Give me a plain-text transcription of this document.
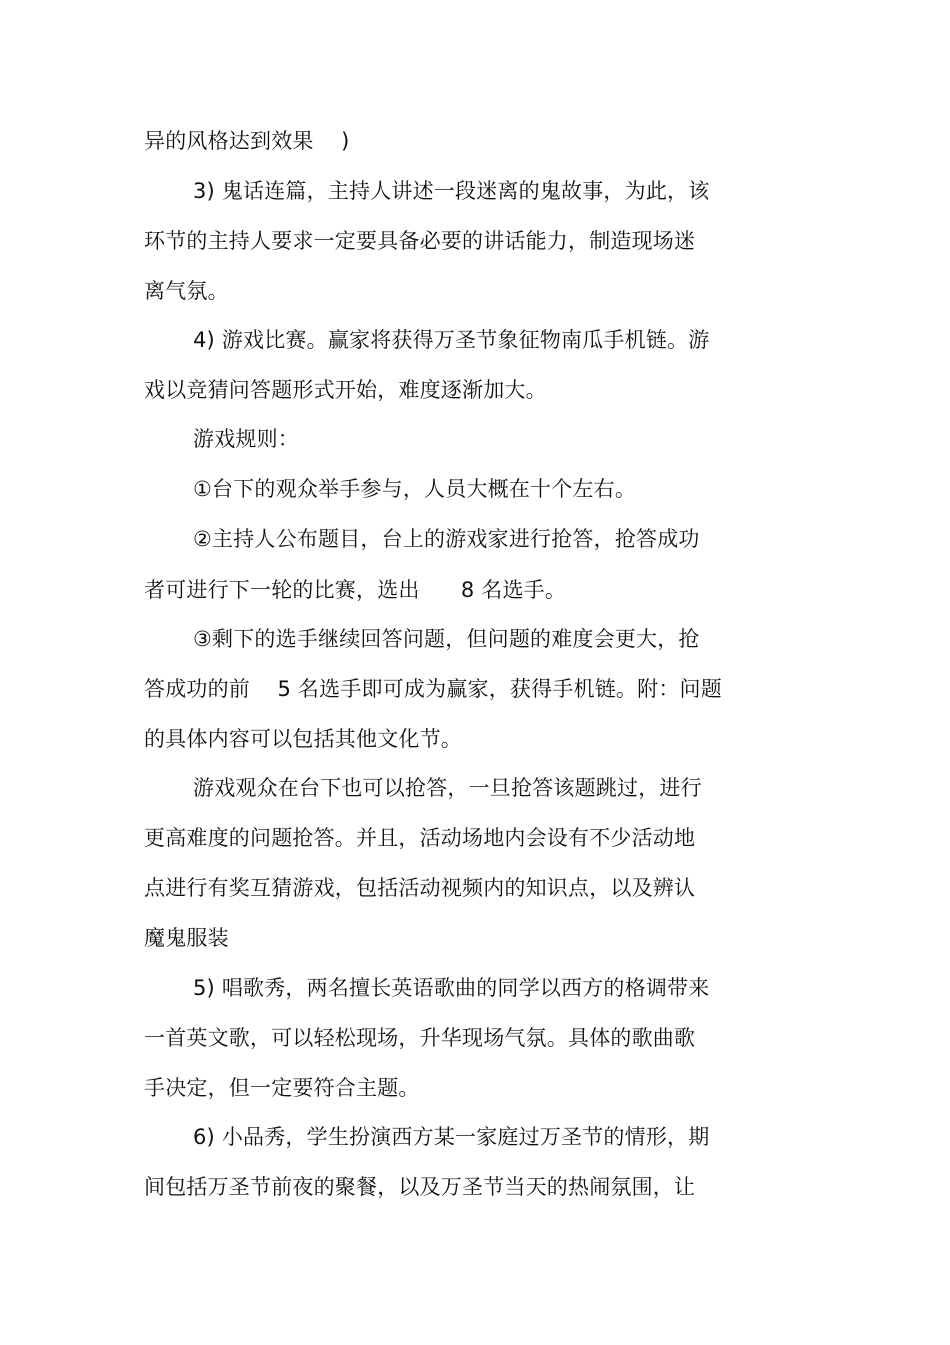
异的风格达到效果    )
3) 鬼话连篇，主持人讲述一段迷离的鬼故事，为此，该
环节的主持人要求一定要具备必要的讲话能力，制造现场迷
离气氛。
4) 游戏比赛。赢家将获得万圣节象征物南瓜手机链。游
戏以竞猜问答题形式开始，难度逐渐加大。
游戏规则：
①台下的观众举手参与，人员大概在十个左右。
②主持人公布题目，台上的游戏家进行抢答，抢答成功
者可进行下一轮的比赛，选出      8 名选手。
③剩下的选手继续回答问题，但问题的难度会更大，抢
答成功的前    5 名选手即可成为赢家，获得手机链。附：问题
的具体内容可以包括其他文化节。
游戏观众在台下也可以抢答，一旦抢答该题跳过，进行
更高难度的问题抢答。并且，活动场地内会设有不少活动地
点进行有奖互猜游戏，包括活动视频内的知识点，以及辨认
魔鬼服装
5) 唱歌秀，两名擅长英语歌曲的同学以西方的格调带来
一首英文歌，可以轻松现场，升华现场气氛。具体的歌曲歌
手决定，但一定要符合主题。
6) 小品秀，学生扮演西方某一家庭过万圣节的情形，期
间包括万圣节前夜的聚餐，以及万圣节当天的热闹氛围，让
